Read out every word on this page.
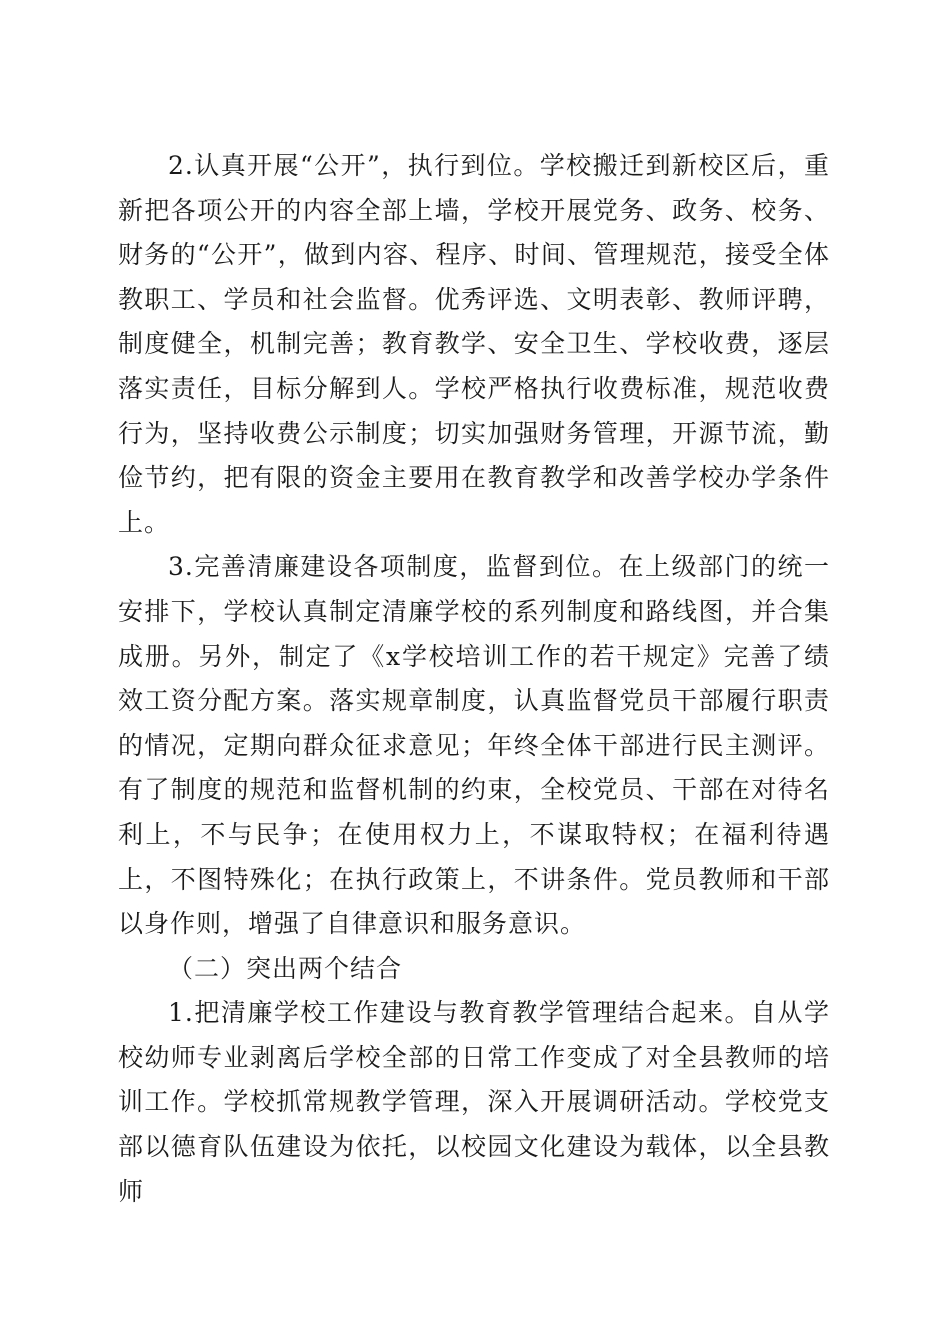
2.认真开展“公开”，执行到位。学校搬迁到新校区后，重新把各项公开的内容全部上墙，学校开展党务、政务、校务、财务的“公开”，做到内容、程序、时间、管理规范，接受全体教职工、学员和社会监督。优秀评选、文明表彰、教师评聘，制度健全，机制完善；教育教学、安全卫生、学校收费，逐层落实责任，目标分解到人。学校严格执行收费标准，规范收费行为，坚持收费公示制度；切实加强财务管理，开源节流，勤俭节约，把有限的资金主要用在教育教学和改善学校办学条件上。

3.完善清廉建设各项制度，监督到位。在上级部门的统一安排下，学校认真制定清廉学校的系列制度和路线图，并合集成册。另外，制定了《x学校培训工作的若干规定》完善了绩效工资分配方案。落实规章制度，认真监督党员干部履行职责的情况，定期向群众征求意见；年终全体干部进行民主测评。有了制度的规范和监督机制的约束，全校党员、干部在对待名利上，不与民争；在使用权力上，不谋取特权；在福利待遇上，不图特殊化；在执行政策上，不讲条件。党员教师和干部以身作则，增强了自律意识和服务意识。

（二）突出两个结合

1.把清廉学校工作建设与教育教学管理结合起来。自从学校幼师专业剥离后学校全部的日常工作变成了对全县教师的培训工作。学校抓常规教学管理，深入开展调研活动。学校党支部以德育队伍建设为依托，以校园文化建设为载体，以全县教师
